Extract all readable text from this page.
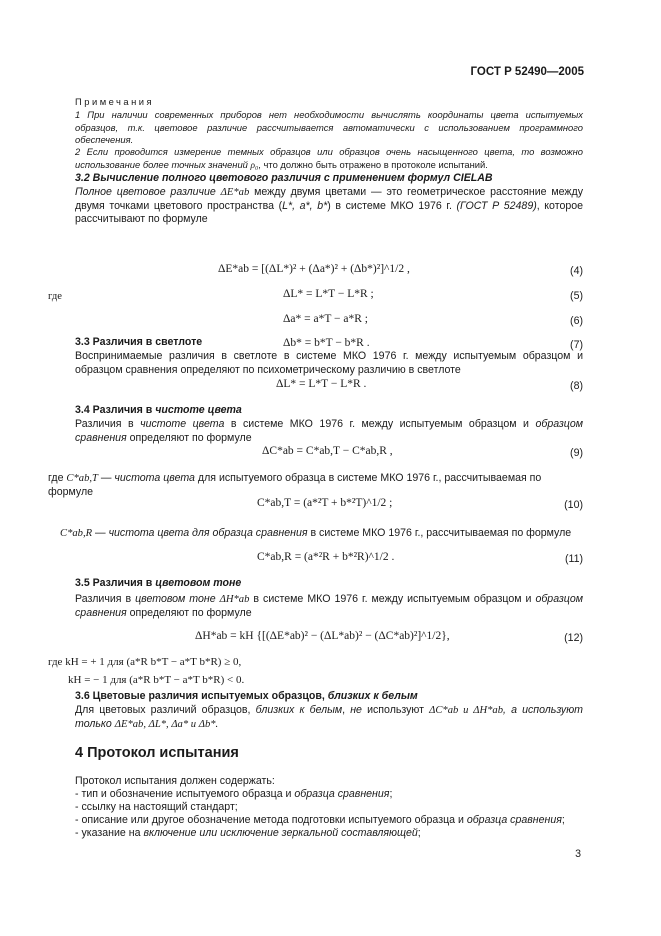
ГОСТ Р 52490—2005
Примечания
1 При наличии современных приборов нет необходимости вычислять координаты цвета испытуемых образцов, т.к. цветовое различие рассчитывается автоматически с использованием программного обеспечения.
2 Если проводится измерение темных образцов или образцов очень насыщенного цвета, то возможно использование более точных значений ρ₀, что должно быть отражено в протоколе испытаний.
3.2 Вычисление полного цветового различия с применением формул CIELAB
Полное цветовое различие ΔE*ab между двумя цветами — это геометрическое расстояние между двумя точками цветового пространства (L*, a*, b*) в системе МКО 1976 г. (ГОСТ Р 52489), которое рассчитывают по формуле
ΔE*ab = [(ΔL*)² + (Δa*)² + (Δb*)²]^1/2 ,	(4)
где	ΔL* = L*T − L*R ;	(5)
Δa* = a*T − a*R ;	(6)
Δb* = b*T − b*R .	(7)
3.3 Различия в светлоте
Воспринимаемые различия в светлоте в системе МКО 1976 г. между испытуемым образцом и образцом сравнения определяют по психометрическому различию в светлоте
ΔL* = L*T − L*R .	(8)
3.4 Различия в чистоте цвета
Различия в чистоте цвета в системе МКО 1976 г. между испытуемым образцом и образцом сравнения определяют по формуле
ΔC*ab = C*ab,T − C*ab,R ,	(9)
где C*ab,T — чистота цвета для испытуемого образца в системе МКО 1976 г., рассчитываемая по формуле
C*ab,T = (a*²T + b*²T)^1/2 ;	(10)
C*ab,R — чистота цвета для образца сравнения в системе МКО 1976 г., рассчитываемая по формуле
C*ab,R = (a*²R + b*²R)^1/2 .	(11)
3.5 Различия в цветовом тоне
Различия в цветовом тоне ΔH*ab в системе МКО 1976 г. между испытуемым образцом и образцом сравнения определяют по формуле
ΔH*ab = kH {[(ΔE*ab)² − (ΔL*ab)² − (ΔC*ab)²]^1/2},	(12)
где kH = + 1 для (a*R b*T − a*T b*R) ≥ 0,
kH = − 1 для (a*R b*T − a*T b*R) < 0.
3.6 Цветовые различия испытуемых образцов, близких к белым
Для цветовых различий образцов, близких к белым, не используют ΔC*ab и ΔH*ab, а используют только ΔE*ab, ΔL*, Δa* и Δb*.
4 Протокол испытания
Протокол испытания должен содержать:
- тип и обозначение испытуемого образца и образца сравнения;
- ссылку на настоящий стандарт;
- описание или другое обозначение метода подготовки испытуемого образца и образца сравнения;
- указание на включение или исключение зеркальной составляющей;
3
